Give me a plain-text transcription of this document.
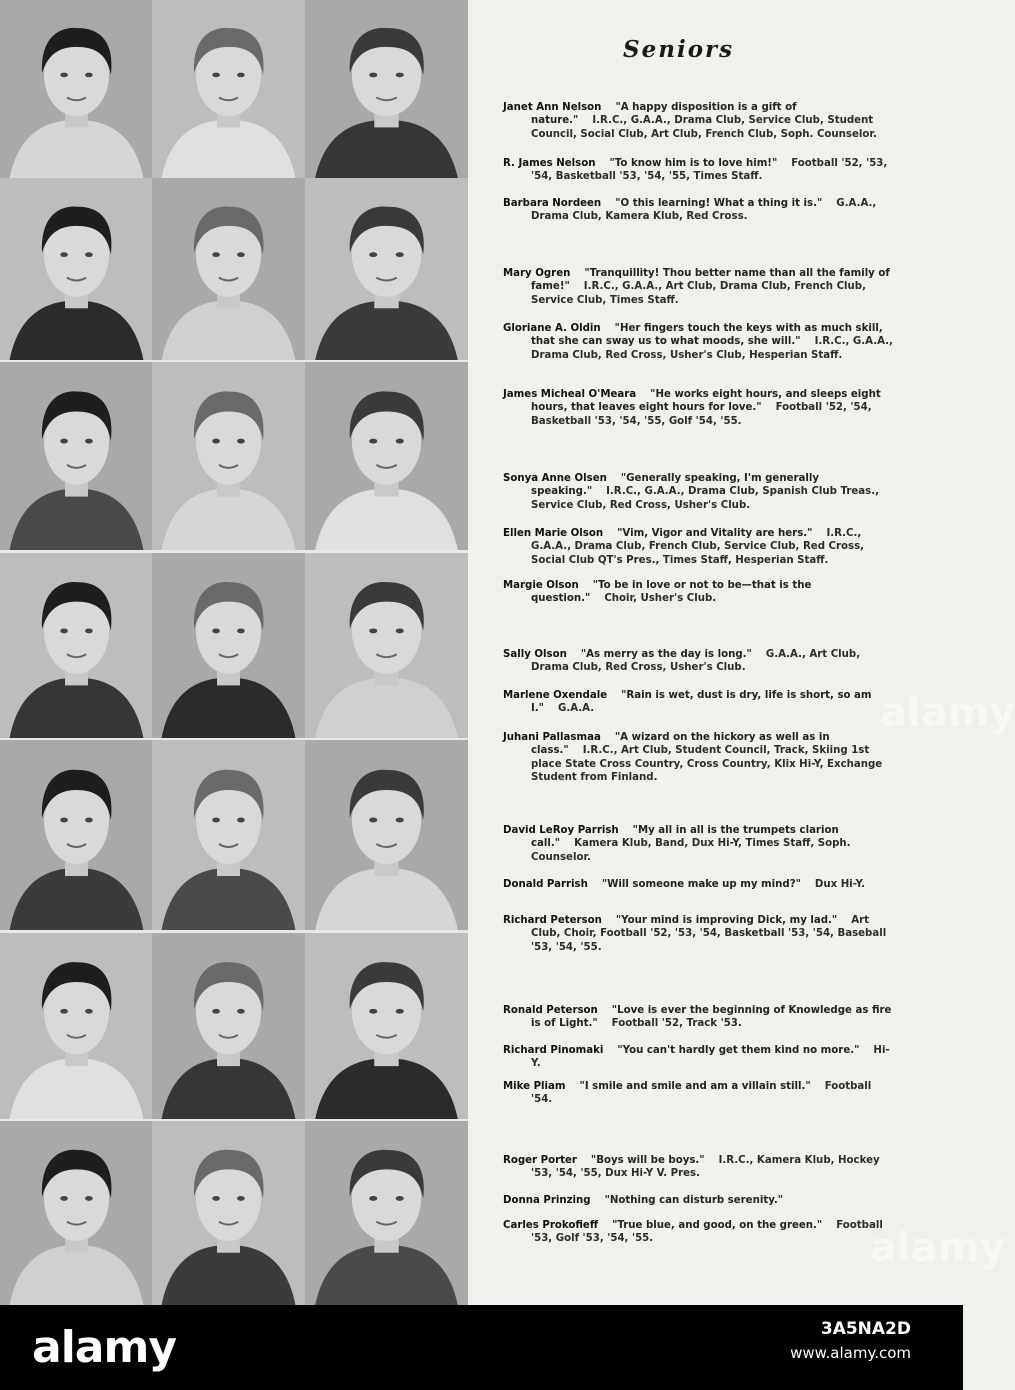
Seniors
Janet Ann Nelson "A happy disposition is a gift of nature." I.R.C., G.A.A., Drama Club, Service Club, Student Council, Social Club, Art Club, French Club, Soph. Counselor.
R. James Nelson "To know him is to love him!" Football '52, '53, '54, Basketball '53, '54, '55, Times Staff.
Barbara Nordeen "O this learning! What a thing it is." G.A.A., Drama Club, Kamera Klub, Red Cross.
Mary Ogren "Tranquillity! Thou better name than all the family of fame!" I.R.C., G.A.A., Art Club, Drama Club, French Club, Service Club, Times Staff.
Gloriane A. Oldin "Her fingers touch the keys with as much skill, that she can sway us to what moods, she will." I.R.C., G.A.A., Drama Club, Red Cross, Usher's Club, Hesperian Staff.
James Micheal O'Meara "He works eight hours, and sleeps eight hours, that leaves eight hours for love." Football '52, '54, Basketball '53, '54, '55, Golf '54, '55.
Sonya Anne Olsen "Generally speaking, I'm generally speaking." I.R.C., G.A.A., Drama Club, Spanish Club Treas., Service Club, Red Cross, Usher's Club.
Ellen Marie Olson "Vim, Vigor and Vitality are hers." I.R.C., G.A.A., Drama Club, French Club, Service Club, Red Cross, Social Club QT's Pres., Times Staff, Hesperian Staff.
Margie Olson "To be in love or not to be—that is the question." Choir, Usher's Club.
Sally Olson "As merry as the day is long." G.A.A., Art Club, Drama Club, Red Cross, Usher's Club.
Marlene Oxendale "Rain is wet, dust is dry, life is short, so am I." G.A.A.
Juhani Pallasmaa "A wizard on the hickory as well as in class." I.R.C., Art Club, Student Council, Track, Skiing 1st place State Cross Country, Cross Country, Klix Hi-Y, Exchange Student from Finland.
David LeRoy Parrish "My all in all is the trumpets clarion call." Kamera Klub, Band, Dux Hi-Y, Times Staff, Soph. Counselor.
Donald Parrish "Will someone make up my mind?" Dux Hi-Y.
Richard Peterson "Your mind is improving Dick, my lad." Art Club, Choir, Football '52, '53, '54, Basketball '53, '54, Baseball '53, '54, '55.
Ronald Peterson "Love is ever the beginning of Knowledge as fire is of Light." Football '52, Track '53.
Richard Pinomaki "You can't hardly get them kind no more." Hi-Y.
Mike Pliam "I smile and smile and am a villain still." Football '54.
Roger Porter "Boys will be boys." I.R.C., Kamera Klub, Hockey '53, '54, '55, Dux Hi-Y V. Pres.
Donna Prinzing "Nothing can disturb serenity."
Carles Prokofieff "True blue, and good, on the green." Football '53, Golf '53, '54, '55.
alamy	3A5NA2D
www.alamy.com
alamy
alamy
